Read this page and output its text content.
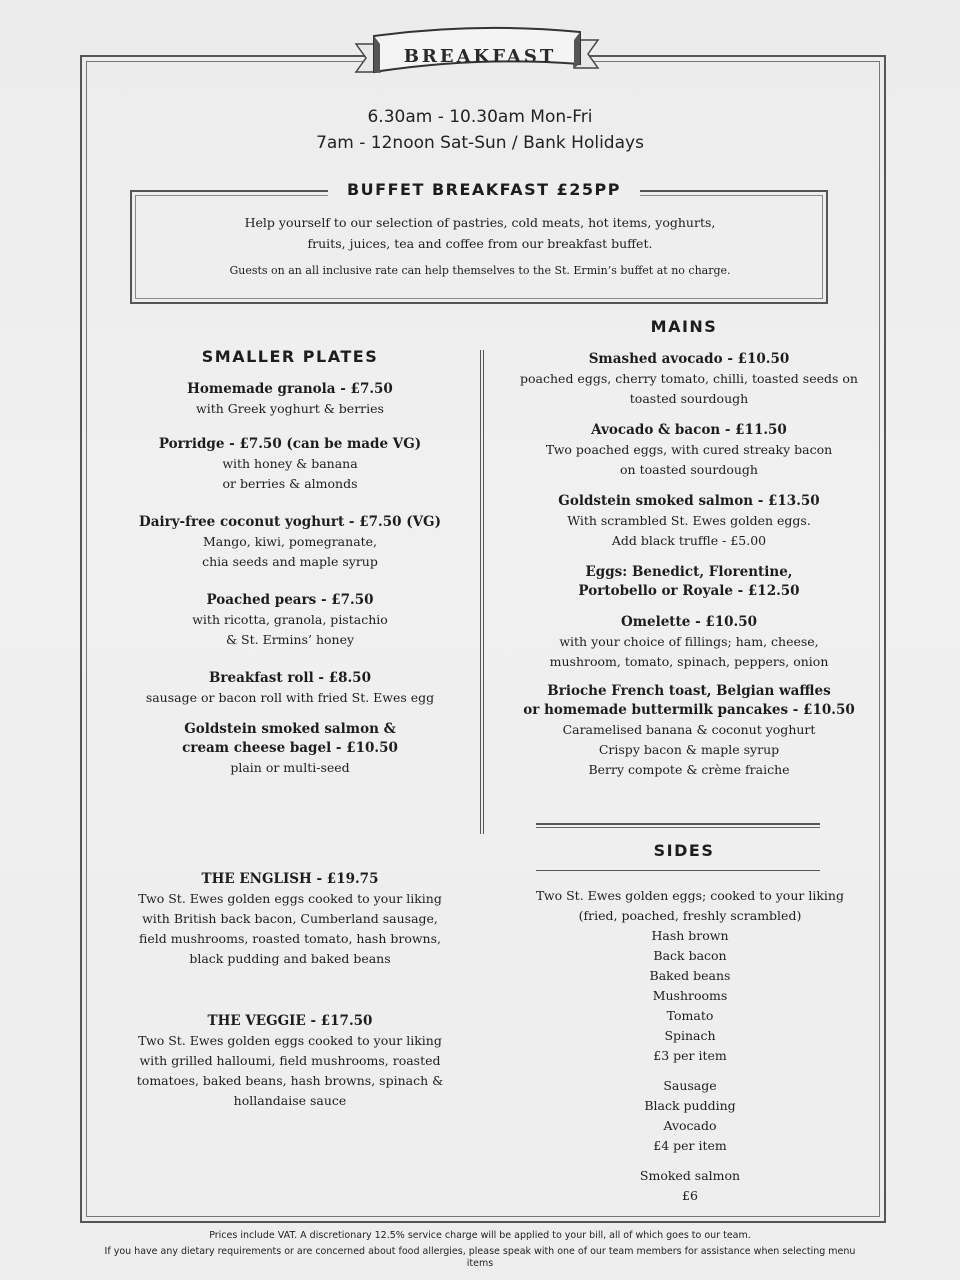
BREAKFAST
6.30am - 10.30am Mon-Fri
7am - 12noon Sat-Sun / Bank Holidays
BUFFET BREAKFAST £25PP
Help yourself to our selection of pastries, cold meats, hot items, yoghurts,
fruits, juices, tea and coffee from our breakfast buffet.
Guests on an all inclusive rate can help themselves to the St. Ermin’s buffet at no charge.
SMALLER PLATES
Homemade granola - £7.50
with Greek yoghurt & berries
Porridge - £7.50 (can be made VG)
with honey & banana
or berries & almonds
Dairy-free coconut yoghurt - £7.50 (VG)
Mango, kiwi, pomegranate,
chia seeds and maple syrup
Poached pears - £7.50
with ricotta, granola, pistachio
& St. Ermins’ honey
Breakfast roll - £8.50
sausage or bacon roll with fried St. Ewes egg
Goldstein smoked salmon &
cream cheese bagel - £10.50
plain or multi-seed
THE ENGLISH - £19.75
Two St. Ewes golden eggs cooked to your liking
with British back bacon, Cumberland sausage,
field mushrooms, roasted tomato, hash browns,
black pudding and baked beans
THE VEGGIE - £17.50
Two St. Ewes golden eggs cooked to your liking
with grilled halloumi, field mushrooms, roasted
tomatoes, baked beans, hash browns, spinach &
hollandaise sauce
MAINS
Smashed avocado - £10.50
poached eggs, cherry tomato, chilli, toasted seeds on
toasted sourdough
Avocado & bacon - £11.50
Two poached eggs, with cured streaky bacon
on toasted sourdough
Goldstein smoked salmon - £13.50
With scrambled St. Ewes golden eggs.
Add black truffle - £5.00
Eggs: Benedict, Florentine,
Portobello or Royale - £12.50
Omelette - £10.50
with your choice of fillings; ham, cheese,
mushroom, tomato, spinach, peppers, onion
Brioche French toast, Belgian waffles
or homemade buttermilk pancakes - £10.50
Caramelised banana & coconut yoghurt
Crispy bacon & maple syrup
Berry compote & crème fraiche
SIDES
Two St. Ewes golden eggs; cooked to your liking
(fried, poached, freshly scrambled)
Hash brown
Back bacon
Baked beans
Mushrooms
Tomato
Spinach
£3 per item
Sausage
Black pudding
Avocado
£4 per item
Smoked salmon
£6
Prices include VAT. A discretionary 12.5% service charge will be applied to your bill, all of which goes to our team.
If you have any dietary requirements or are concerned about food allergies, please speak with one of our team members for assistance when selecting menu items
